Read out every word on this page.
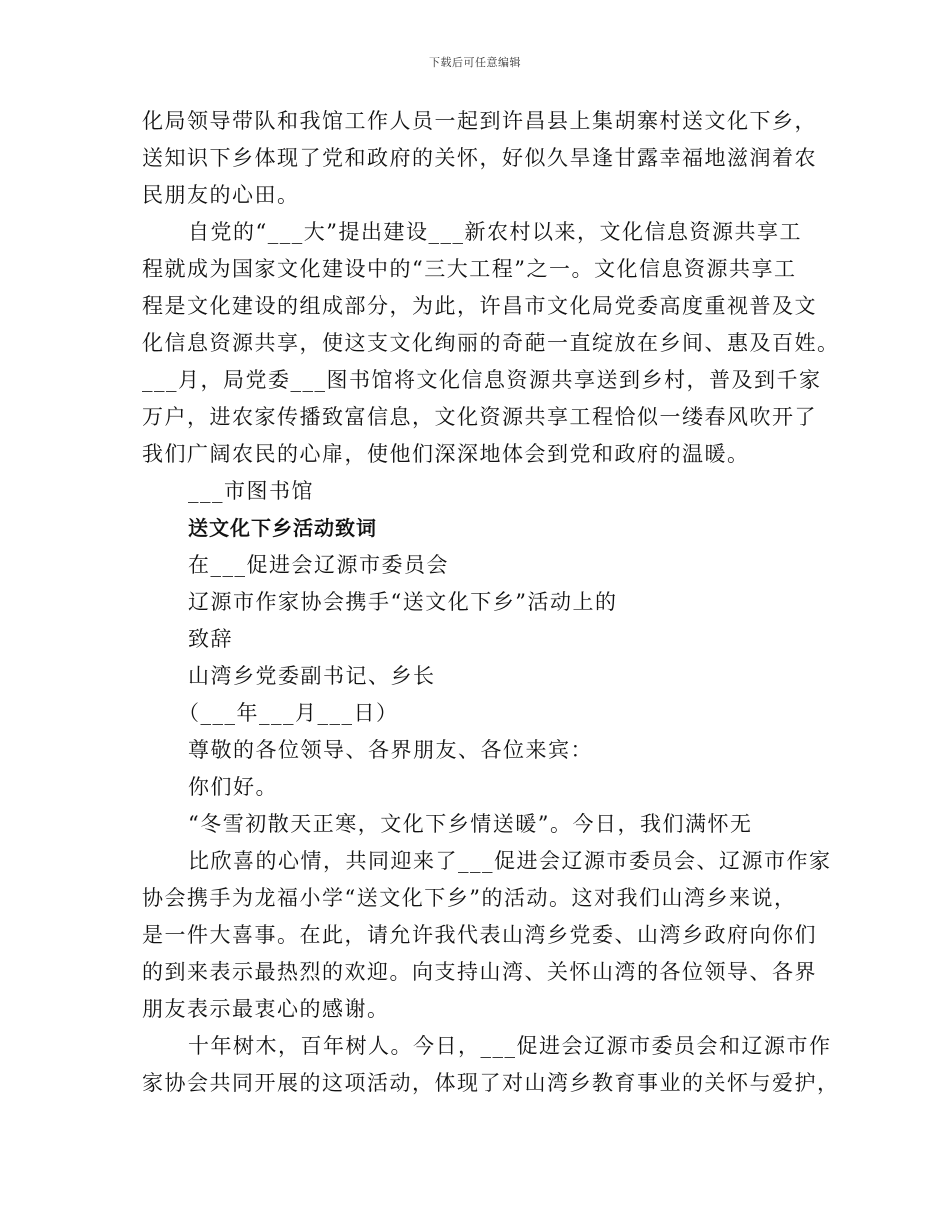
下载后可任意编辑
化局领导带队和我馆工作人员一起到许昌县上集胡寨村送文化下乡，
送知识下乡体现了党和政府的关怀，好似久旱逢甘露幸福地滋润着农
民朋友的心田。
自党的“___大”提出建设___新农村以来，文化信息资源共享工
程就成为国家文化建设中的“三大工程”之一。文化信息资源共享工
程是文化建设的组成部分，为此，许昌市文化局党委高度重视普及文
化信息资源共享，使这支文化绚丽的奇葩一直绽放在乡间、惠及百姓。
___月，局党委___图书馆将文化信息资源共享送到乡村，普及到千家
万户，进农家传播致富信息，文化资源共享工程恰似一缕春风吹开了
我们广阔农民的心扉，使他们深深地体会到党和政府的温暖。
___市图书馆
送文化下乡活动致词
在___促进会辽源市委员会
辽源市作家协会携手“送文化下乡”活动上的
致辞
山湾乡党委副书记、乡长
（___年___月___日）
尊敬的各位领导、各界朋友、各位来宾：
你们好。
“冬雪初散天正寒，文化下乡情送暖”。今日，我们满怀无
比欣喜的心情，共同迎来了___促进会辽源市委员会、辽源市作家
协会携手为龙福小学“送文化下乡”的活动。这对我们山湾乡来说，
是一件大喜事。在此，请允许我代表山湾乡党委、山湾乡政府向你们
的到来表示最热烈的欢迎。向支持山湾、关怀山湾的各位领导、各界
朋友表示最衷心的感谢。
十年树木，百年树人。今日，___促进会辽源市委员会和辽源市作
家协会共同开展的这项活动，体现了对山湾乡教育事业的关怀与爱护，
